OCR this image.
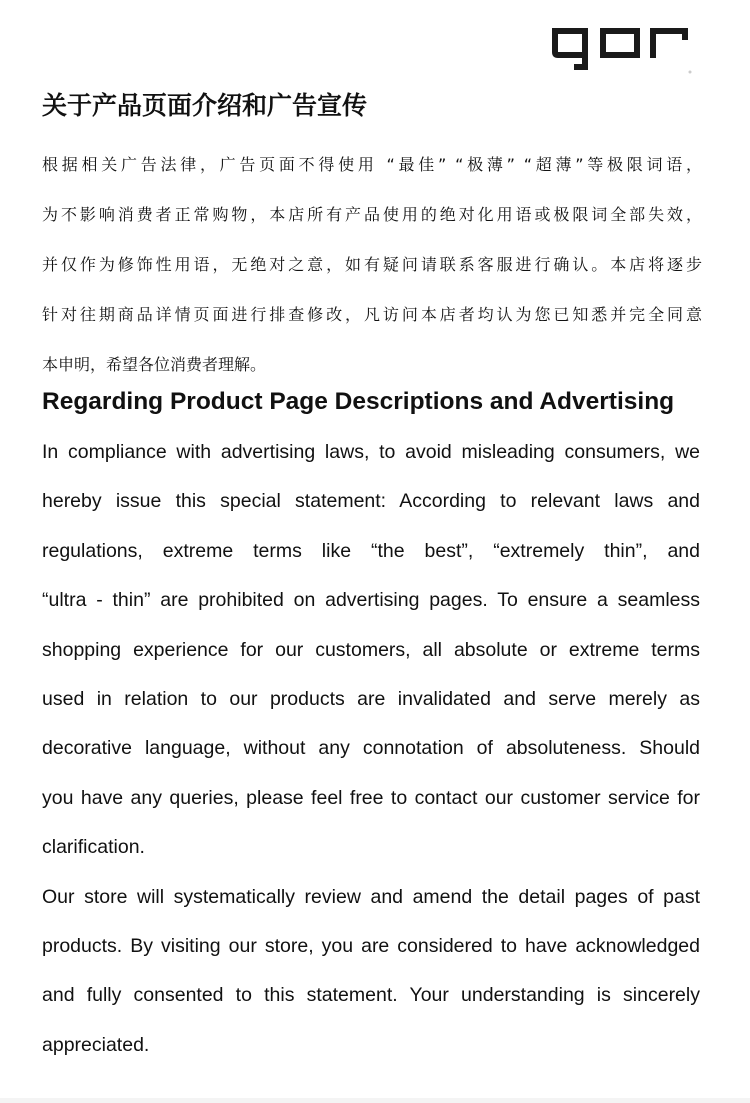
关于产品页面介绍和广告宣传
根据相关广告法律，广告页面不得使用 “最佳” “极薄” “超薄”等极限词语，
为不影响消费者正常购物，本店所有产品使用的绝对化用语或极限词全部失效，
并仅作为修饰性用语，无绝对之意，如有疑问请联系客服进行确认。本店将逐步
针对往期商品详情页面进行排查修改，凡访问本店者均认为您已知悉并完全同意
本申明，希望各位消费者理解。
Regarding Product Page Descriptions and Advertising
In compliance with advertising laws, to avoid misleading consumers, we
hereby issue this special statement: According to relevant laws and
regulations, extreme terms like “the best”, “extremely thin”, and
“ultra - thin” are prohibited on advertising pages. To ensure a seamless
shopping experience for our customers, all absolute or extreme terms
used in relation to our products are invalidated and serve merely as
decorative language, without any connotation of absoluteness. Should
you have any queries, please feel free to contact our customer service for
clarification.
Our store will systematically review and amend the detail pages of past
products. By visiting our store, you are considered to have acknowledged
and fully consented to this statement. Your understanding is sincerely
appreciated.
